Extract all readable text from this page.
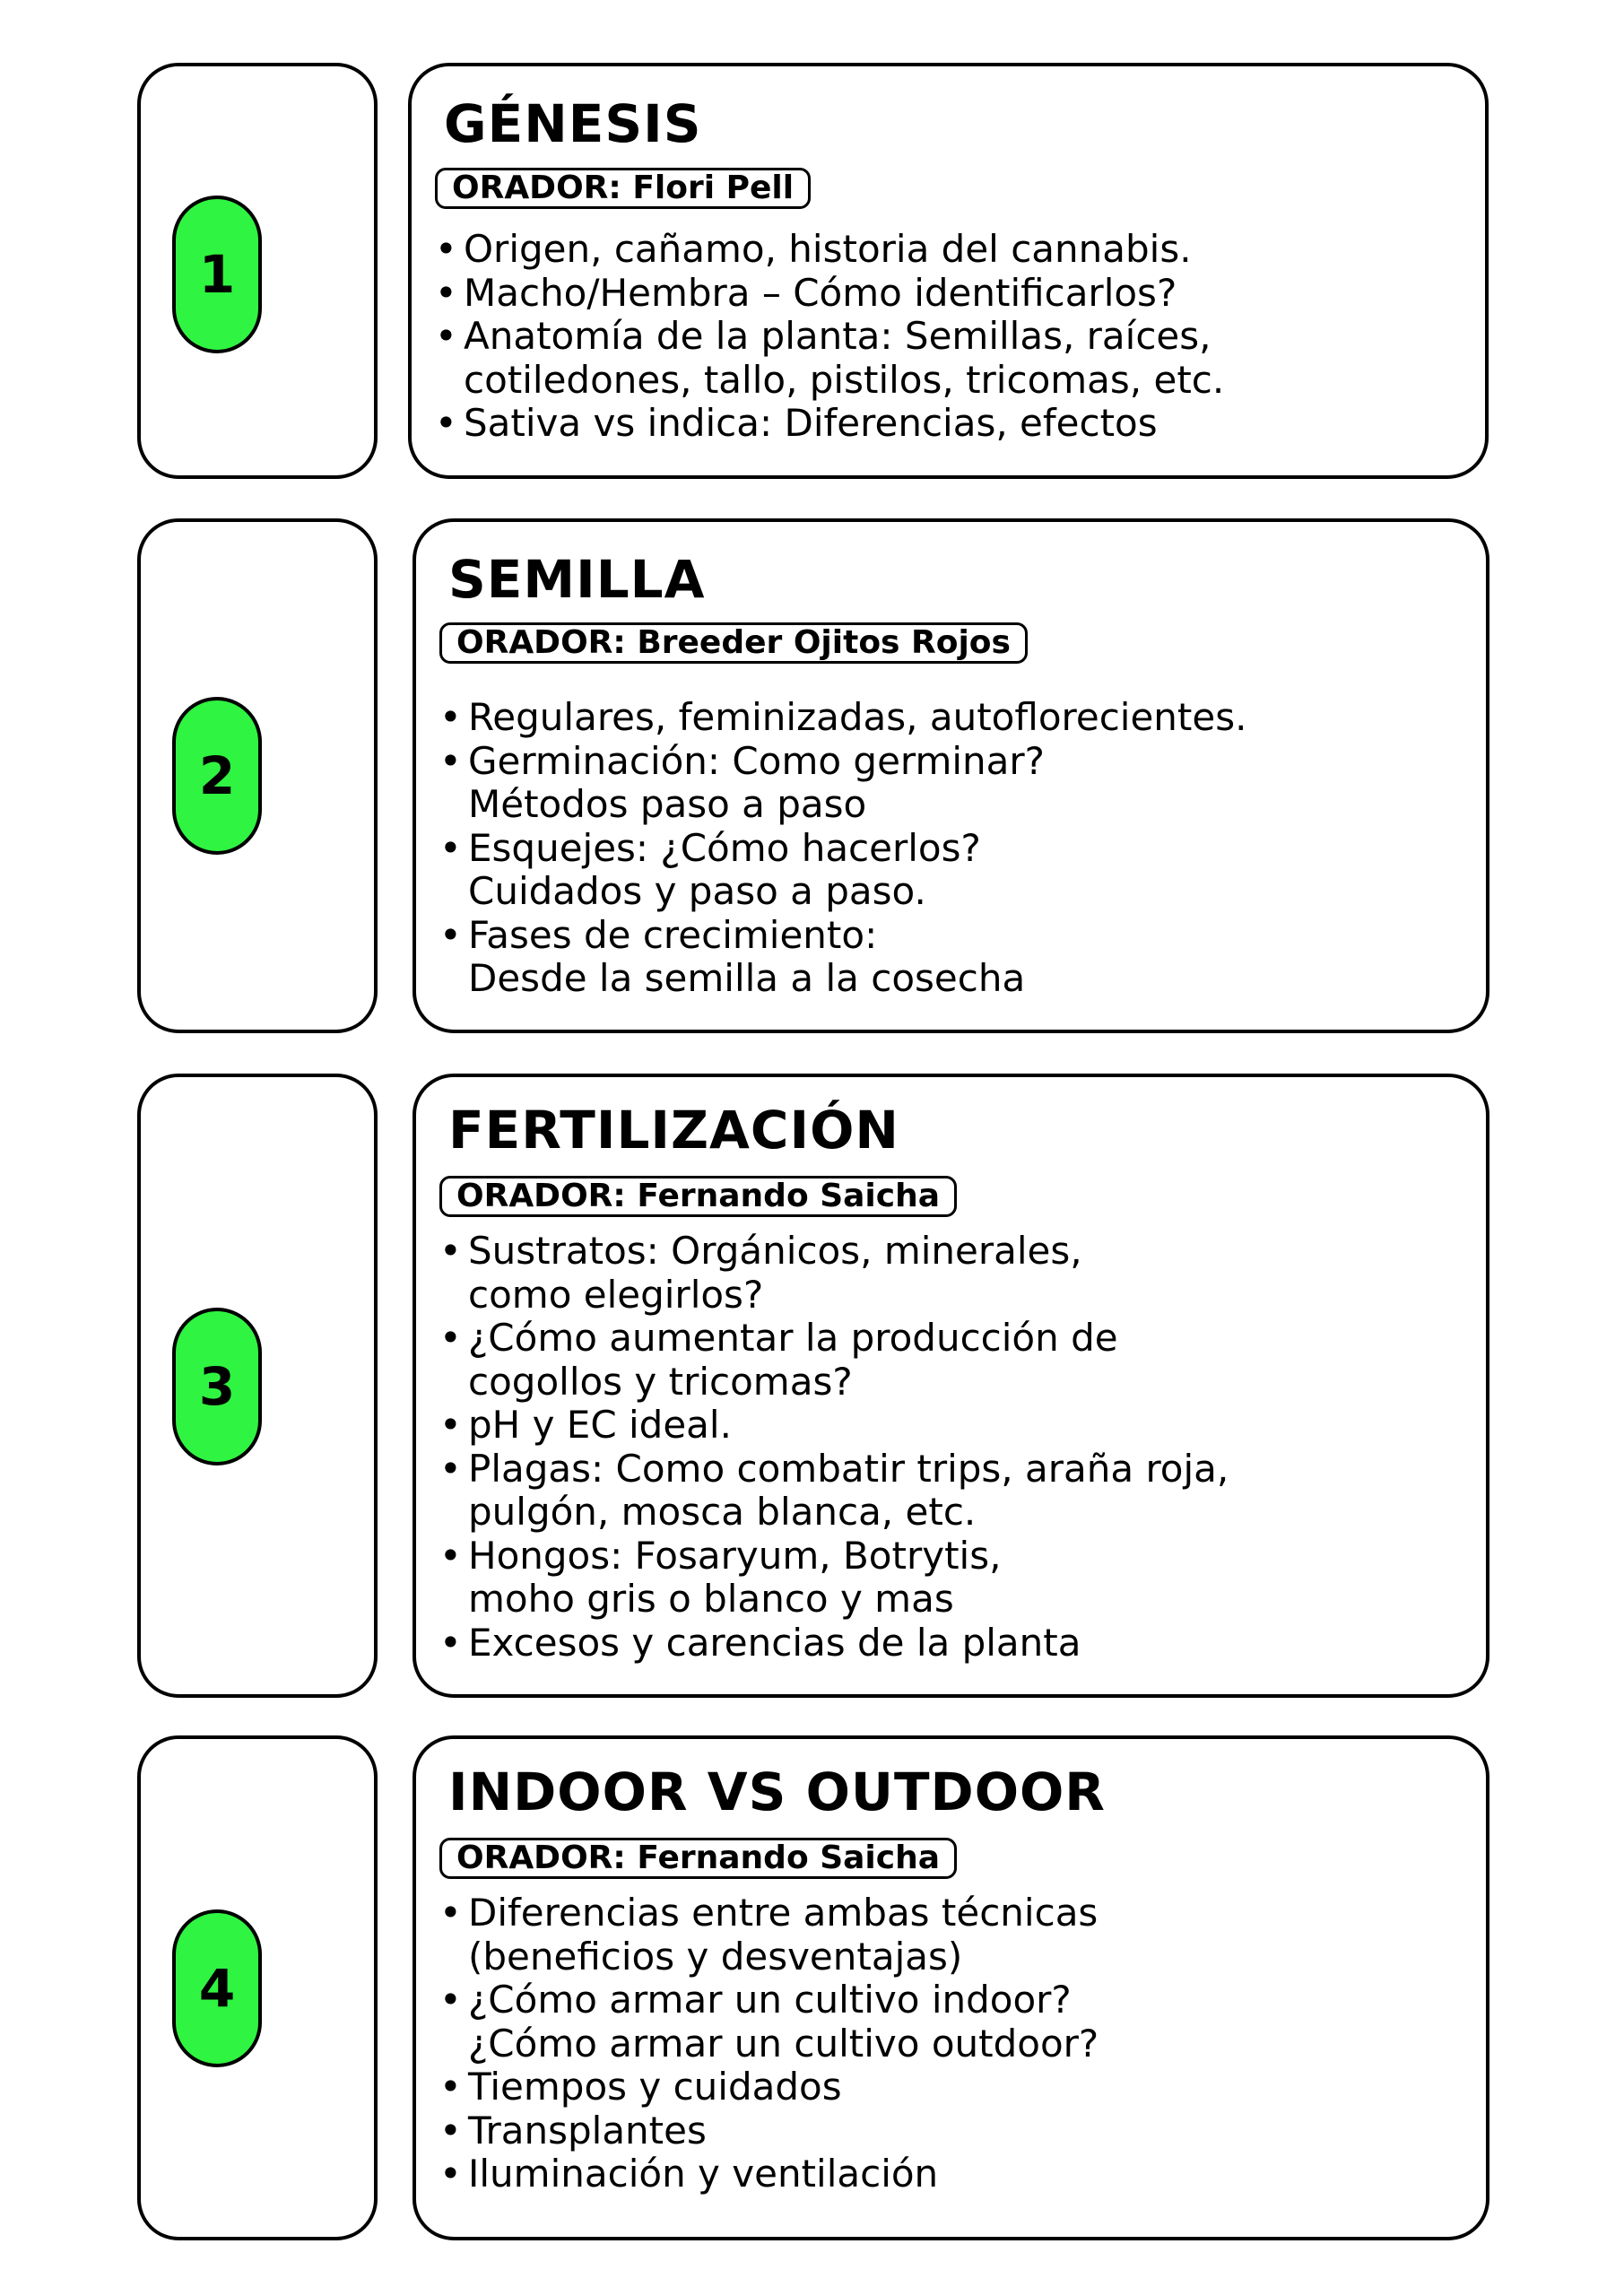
1
GÉNESIS
ORADOR: Flori Pell
• Origen, cañamo, historia del cannabis.
• Macho/Hembra – Cómo identificarlos?
• Anatomía de la planta: Semillas, raíces,
cotiledones, tallo, pistilos, tricomas, etc.
• Sativa vs indica: Diferencias, efectos
2
SEMILLA
ORADOR: Breeder Ojitos Rojos
• Regulares, feminizadas, autoflorecientes.
• Germinación: Como germinar?
Métodos paso a paso
• Esquejes: ¿Cómo hacerlos?
Cuidados y paso a paso.
• Fases de crecimiento:
Desde la semilla a la cosecha
3
FERTILIZACIÓN
ORADOR: Fernando Saicha
• Sustratos: Orgánicos, minerales,
como elegirlos?
• ¿Cómo aumentar la producción de
cogollos y tricomas?
• pH y EC ideal.
• Plagas: Como combatir trips, araña roja,
pulgón, mosca blanca, etc.
• Hongos: Fosaryum, Botrytis,
moho gris o blanco y mas
• Excesos y carencias de la planta
4
INDOOR VS OUTDOOR
ORADOR: Fernando Saicha
• Diferencias entre ambas técnicas
(beneficios y desventajas)
• ¿Cómo armar un cultivo indoor?
¿Cómo armar un cultivo outdoor?
• Tiempos y cuidados
• Transplantes
• Iluminación y ventilación
